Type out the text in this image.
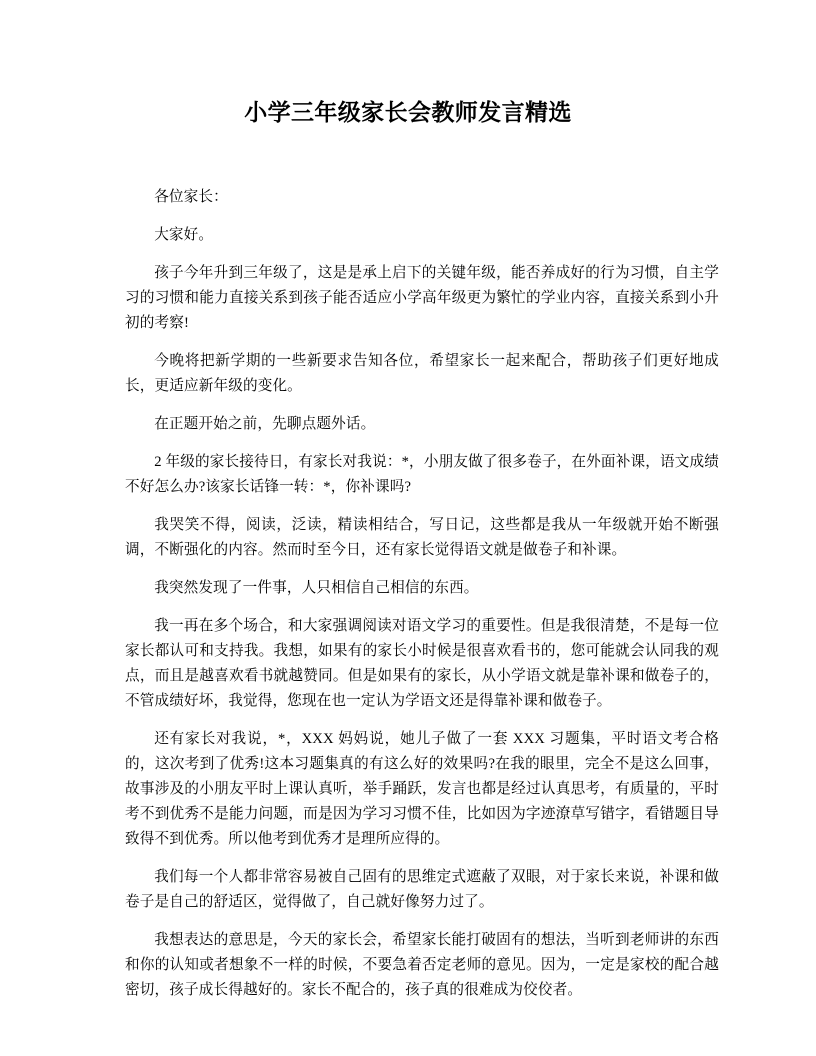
小学三年级家长会教师发言精选

各位家长：

大家好。

孩子今年升到三年级了，这是是承上启下的关键年级，能否养成好的行为习惯，自主学习的习惯和能力直接关系到孩子能否适应小学高年级更为繁忙的学业内容，直接关系到小升初的考察!

今晚将把新学期的一些新要求告知各位，希望家长一起来配合，帮助孩子们更好地成长，更适应新年级的变化。

在正题开始之前，先聊点题外话。

2 年级的家长接待日，有家长对我说：*，小朋友做了很多卷子，在外面补课，语文成绩不好怎么办?该家长话锋一转：*，你补课吗?

我哭笑不得，阅读，泛读，精读相结合，写日记，这些都是我从一年级就开始不断强调，不断强化的内容。然而时至今日，还有家长觉得语文就是做卷子和补课。

我突然发现了一件事，人只相信自己相信的东西。

我一再在多个场合，和大家强调阅读对语文学习的重要性。但是我很清楚，不是每一位家长都认可和支持我。我想，如果有的家长小时候是很喜欢看书的，您可能就会认同我的观点，而且是越喜欢看书就越赞同。但是如果有的家长，从小学语文就是靠补课和做卷子的，不管成绩好坏，我觉得，您现在也一定认为学语文还是得靠补课和做卷子。

还有家长对我说，*，XXX 妈妈说，她儿子做了一套 XXX 习题集，平时语文考合格的，这次考到了优秀!这本习题集真的有这么好的效果吗?在我的眼里，完全不是这么回事，故事涉及的小朋友平时上课认真听，举手踊跃，发言也都是经过认真思考，有质量的，平时考不到优秀不是能力问题，而是因为学习习惯不佳，比如因为字迹潦草写错字，看错题目导致得不到优秀。所以他考到优秀才是理所应得的。

我们每一个人都非常容易被自己固有的思维定式遮蔽了双眼，对于家长来说，补课和做卷子是自己的舒适区，觉得做了，自己就好像努力过了。

我想表达的意思是，今天的家长会，希望家长能打破固有的想法，当听到老师讲的东西和你的认知或者想象不一样的时候，不要急着否定老师的意见。因为，一定是家校的配合越密切，孩子成长得越好的。家长不配合的，孩子真的很难成为佼佼者。
